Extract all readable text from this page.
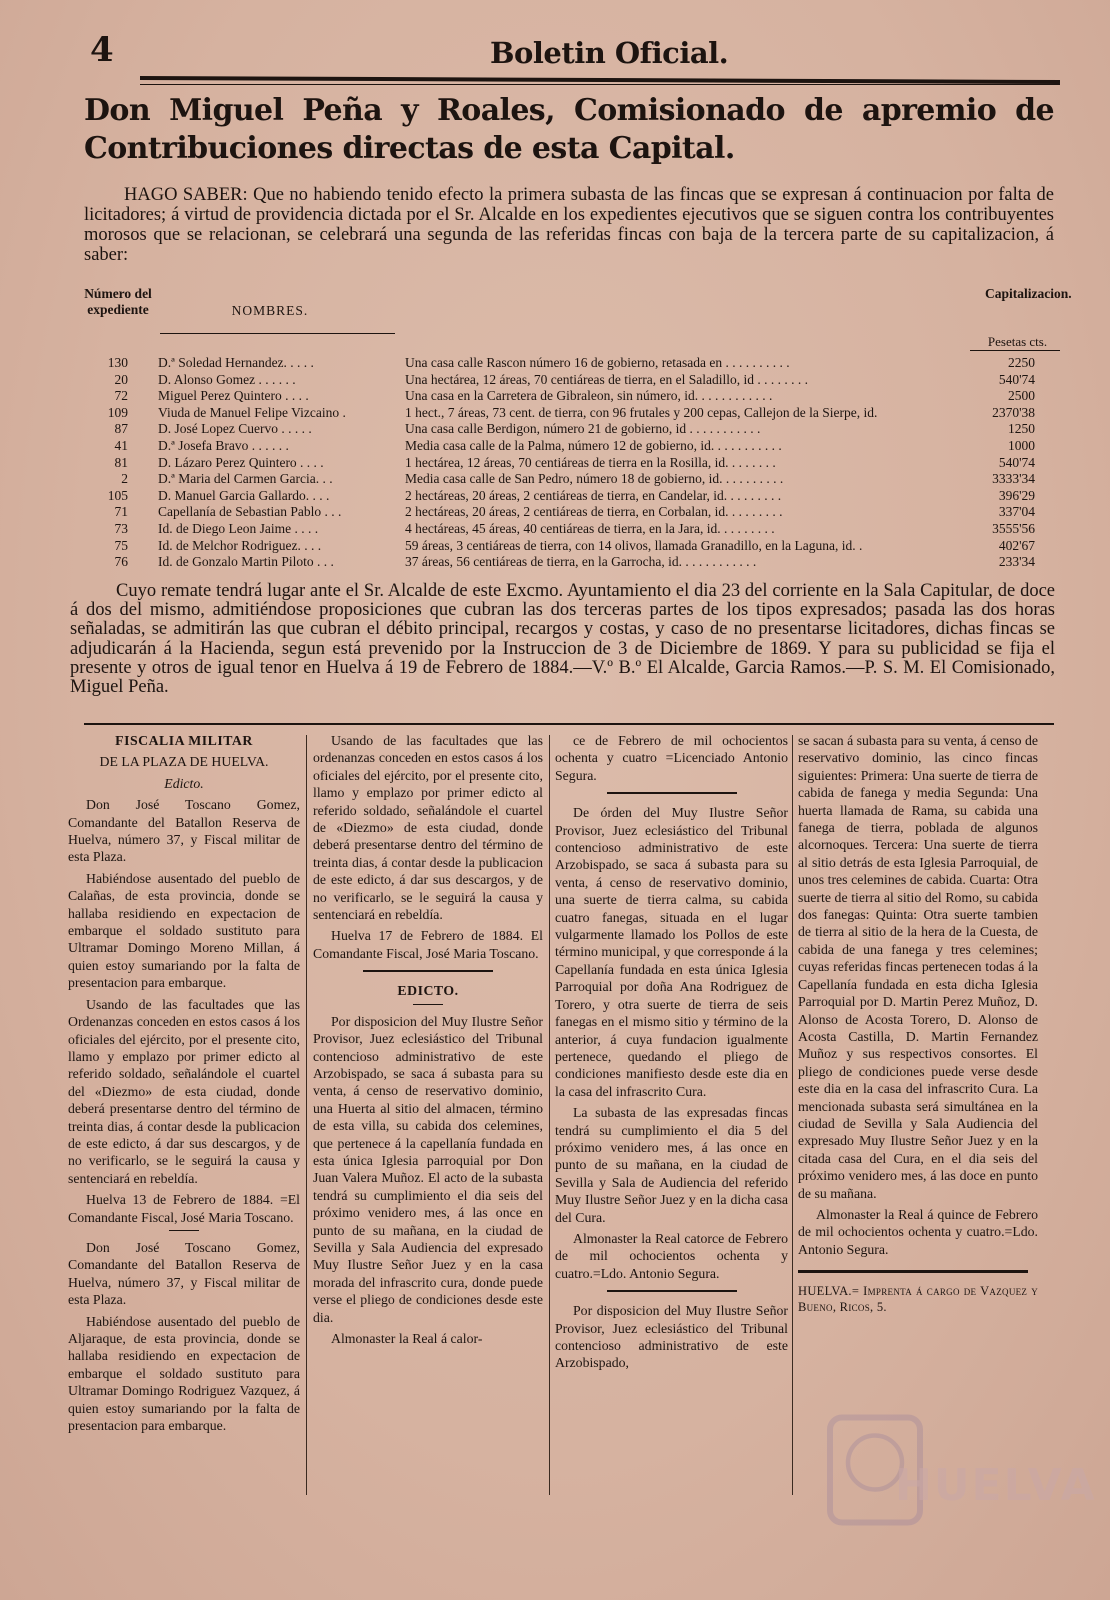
4	Boletin Oficial.
Don Miguel Peña y Roales, Comisionado de apremio de Contribuciones directas de esta Capital.
HAGO SABER: Que no habiendo tenido efecto la primera subasta de las fincas que se expresan á continuacion por falta de licitadores; á virtud de providencia dictada por el Sr. Alcalde en los expedientes ejecutivos que se siguen contra los contribuyentes morosos que se relacionan, se celebrará una segunda de las referidas fincas con baja de la tercera parte de su capitalizacion, á saber:
Número del expediente	NOMBRES.
Capitalizacion.
Pesetas cts.
130 D.ª Soledad Hernandez. . . . .	Una casa calle Rascon número 16 de gobierno, retasada en . . . . . . . . . .	2250
20 D. Alonso Gomez . . . . . .	Una hectárea, 12 áreas, 70 centiáreas de tierra, en el Saladillo, id . . . . . . . .	540'74
72 Miguel Perez Quintero . . . .	Una casa en la Carretera de Gibraleon, sin número, id. . . . . . . . . . . .	2500
109 Viuda de Manuel Felipe Vizcaino .	1 hect., 7 áreas, 73 cent. de tierra, con 96 frutales y 200 cepas, Callejon de la Sierpe, id.	2370'38
87 D. José Lopez Cuervo . . . . .	Una casa calle Berdigon, número 21 de gobierno, id . . . . . . . . . . .	1250
41 D.ª Josefa Bravo . . . . . .	Media casa calle de la Palma, número 12 de gobierno, id. . . . . . . . . . .	1000
81 D. Lázaro Perez Quintero . . . .	1 hectárea, 12 áreas, 70 centiáreas de tierra en la Rosilla, id. . . . . . . .	540'74
2 D.ª Maria del Carmen Garcia. . .	Media casa calle de San Pedro, número 18 de gobierno, id. . . . . . . . . .	3333'34
105 D. Manuel Garcia Gallardo. . . .	2 hectáreas, 20 áreas, 2 centiáreas de tierra, en Candelar, id. . . . . . . . .	396'29
71 Capellanía de Sebastian Pablo . . .	2 hectáreas, 20 áreas, 2 centiáreas de tierra, en Corbalan, id. . . . . . . . .	337'04
73 Id. de Diego Leon Jaime . . . .	4 hectáreas, 45 áreas, 40 centiáreas de tierra, en la Jara, id. . . . . . . . .	3555'56
75 Id. de Melchor Rodriguez. . . .	59 áreas, 3 centiáreas de tierra, con 14 olivos, llamada Granadillo, en la Laguna, id. .	402'67
76 Id. de Gonzalo Martin Piloto . . .	37 áreas, 56 centiáreas de tierra, en la Garrocha, id. . . . . . . . . . . .	233'34
Cuyo remate tendrá lugar ante el Sr. Alcalde de este Excmo. Ayuntamiento el dia 23 del corriente en la Sala Capitular, de doce á dos del mismo, admitiéndose proposiciones que cubran las dos terceras partes de los tipos expresados; pasada las dos horas señaladas, se admitirán las que cubran el débito principal, recargos y costas, y caso de no presentarse licitadores, dichas fincas se adjudicarán á la Hacienda, segun está prevenido por la Instruccion de 3 de Diciembre de 1869. Y para su publicidad se fija el presente y otros de igual tenor en Huelva á 19 de Febrero de 1884.—V.º B.º El Alcalde, Garcia Ramos.—P. S. M. El Comisionado, Miguel Peña.

FISCALIA MILITAR

DE LA PLAZA DE HUELVA.

Edicto.

Don José Toscano Gomez, Comandante del Batallon Reserva de Huelva, número 37, y Fiscal militar de esta Plaza.

Habiéndose ausentado del pueblo de Calañas, de esta provincia, donde se hallaba residiendo en expectacion de embarque el soldado sustituto para Ultramar Domingo Moreno Millan, á quien estoy sumariando por la falta de presentacion para embarque.

Usando de las facultades que las Ordenanzas conceden en estos casos á los oficiales del ejército, por el presente cito, llamo y emplazo por primer edicto al referido soldado, señalándole el cuartel del «Diezmo» de esta ciudad, donde deberá presentarse dentro del término de treinta dias, á contar desde la publicacion de este edicto, á dar sus descargos, y de no verificarlo, se le seguirá la causa y sentenciará en rebeldía.

Huelva 13 de Febrero de 1884. =El Comandante Fiscal, José Maria Toscano.

Don José Toscano Gomez, Comandante del Batallon Reserva de Huelva, número 37, y Fiscal militar de esta Plaza.

Habiéndose ausentado del pueblo de Aljaraque, de esta provincia, donde se hallaba residiendo en expectacion de embarque el soldado sustituto para Ultramar Domingo Rodriguez Vazquez, á quien estoy sumariando por la falta de presentacion para embarque.

Usando de las facultades que las ordenanzas conceden en estos casos á los oficiales del ejército, por el presente cito, llamo y emplazo por primer edicto al referido soldado, señalándole el cuartel de «Diezmo» de esta ciudad, donde deberá presentarse dentro del término de treinta dias, á contar desde la publicacion de este edicto, á dar sus descargos, y de no verificarlo, se le seguirá la causa y sentenciará en rebeldía.

Huelva 17 de Febrero de 1884. El Comandante Fiscal, José Maria Toscano.

EDICTO.

Por disposicion del Muy Ilustre Señor Provisor, Juez eclesiástico del Tribunal contencioso administrativo de este Arzobispado, se saca á subasta para su venta, á censo de reservativo dominio, una Huerta al sitio del almacen, término de esta villa, su cabida dos celemines, que pertenece á la capellanía fundada en esta única Iglesia parroquial por Don Juan Valera Muñoz. El acto de la subasta tendrá su cumplimiento el dia seis del próximo venidero mes, á las once en punto de su mañana, en la ciudad de Sevilla y Sala Audiencia del expresado Muy Ilustre Señor Juez y en la casa morada del infrascrito cura, donde puede verse el pliego de condiciones desde este dia.

Almonaster la Real á calor-

ce de Febrero de mil ochocientos ochenta y cuatro =Licenciado Antonio Segura.

De órden del Muy Ilustre Señor Provisor, Juez eclesiástico del Tribunal contencioso administrativo de este Arzobispado, se saca á subasta para su venta, á censo de reservativo dominio, una suerte de tierra calma, su cabida cuatro fanegas, situada en el lugar vulgarmente llamado los Pollos de este término municipal, y que corresponde á la Capellanía fundada en esta única Iglesia Parroquial por doña Ana Rodriguez de Torero, y otra suerte de tierra de seis fanegas en el mismo sitio y término de la anterior, á cuya fundacion igualmente pertenece, quedando el pliego de condiciones manifiesto desde este dia en la casa del infrascrito Cura.

La subasta de las expresadas fincas tendrá su cumplimiento el dia 5 del próximo venidero mes, á las once en punto de su mañana, en la ciudad de Sevilla y Sala de Audiencia del referido Muy Ilustre Señor Juez y en la dicha casa del Cura.

Almonaster la Real catorce de Febrero de mil ochocientos ochenta y cuatro.=Ldo. Antonio Segura.

Por disposicion del Muy Ilustre Señor Provisor, Juez eclesiástico del Tribunal contencioso administrativo de este Arzobispado,

se sacan á subasta para su venta, á censo de reservativo dominio, las cinco fincas siguientes: Primera: Una suerte de tierra de cabida de fanega y media Segunda: Una huerta llamada de Rama, su cabida una fanega de tierra, poblada de algunos alcornoques. Tercera: Una suerte de tierra al sitio detrás de esta Iglesia Parroquial, de unos tres celemines de cabida. Cuarta: Otra suerte de tierra al sitio del Romo, su cabida dos fanegas: Quinta: Otra suerte tambien de tierra al sitio de la hera de la Cuesta, de cabida de una fanega y tres celemines; cuyas referidas fincas pertenecen todas á la Capellanía fundada en esta dicha Iglesia Parroquial por D. Martin Perez Muñoz, D. Alonso de Acosta Torero, D. Alonso de Acosta Castilla, D. Martin Fernandez Muñoz y sus respectivos consortes. El pliego de condiciones puede verse desde este dia en la casa del infrascrito Cura. La mencionada subasta será simultánea en la ciudad de Sevilla y Sala Audiencia del expresado Muy Ilustre Señor Juez y en la citada casa del Cura, en el dia seis del próximo venidero mes, á las doce en punto de su mañana.

Almonaster la Real á quince de Febrero de mil ochocientos ochenta y cuatro.=Ldo. Antonio Segura.

HUELVA.= Imprenta á cargo de Vazquez y Bueno, Ricos, 5.

HUELVA
